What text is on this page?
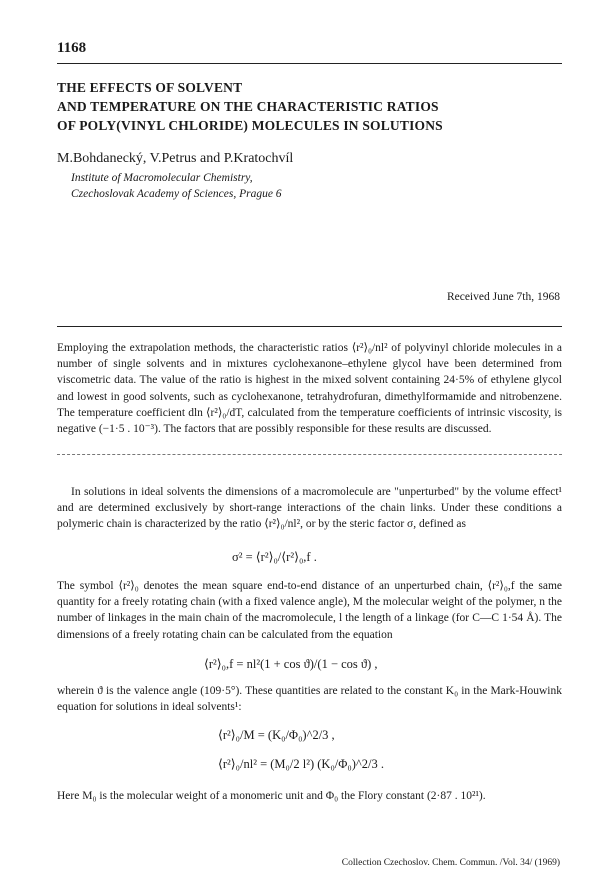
1168
THE EFFECTS OF SOLVENT
AND TEMPERATURE ON THE CHARACTERISTIC RATIOS
OF POLY(VINYL CHLORIDE) MOLECULES IN SOLUTIONS
M.Bohdanecký, V.Petrus and P.Kratochvíl
Institute of Macromolecular Chemistry,
Czechoslovak Academy of Sciences, Prague 6
Received June 7th, 1968
Employing the extrapolation methods, the characteristic ratios ⟨r²⟩₀/nl² of polyvinyl chloride molecules in a number of single solvents and in mixtures cyclohexanone–ethylene glycol have been determined from viscometric data. The value of the ratio is highest in the mixed solvent containing 24·5% of ethylene glycol and lowest in good solvents, such as cyclohexanone, tetrahydrofuran, dimethylformamide and nitrobenzene. The temperature coefficient dln ⟨r²⟩₀/dT, calculated from the temperature coefficients of intrinsic viscosity, is negative (−1·5 . 10⁻³). The factors that are possibly responsible for these results are discussed.
In solutions in ideal solvents the dimensions of a macromolecule are "unperturbed" by the volume effect¹ and are determined exclusively by short-range interactions of the chain links. Under these conditions a polymeric chain is characterized by the ratio ⟨r²⟩₀/nl², or by the steric factor σ, defined as
σ² = ⟨r²⟩₀/⟨r²⟩₀,f .
The symbol ⟨r²⟩₀ denotes the mean square end-to-end distance of an unperturbed chain, ⟨r²⟩₀,f the same quantity for a freely rotating chain (with a fixed valence angle), M the molecular weight of the polymer, n the number of linkages in the main chain of the macromolecule, l the length of a linkage (for C—C 1·54 Å). The dimensions of a freely rotating chain can be calculated from the equation
⟨r²⟩₀,f = nl²(1 + cos ϑ)/(1 − cos ϑ) ,
wherein ϑ is the valence angle (109·5°). These quantities are related to the constant K₀ in the Mark-Houwink equation for solutions in ideal solvents¹:
⟨r²⟩₀/M = (K₀/Φ₀)^2/3 ,
⟨r²⟩₀/nl² = (M₀/2 l²) (K₀/Φ₀)^2/3 .
Here M₀ is the molecular weight of a monomeric unit and Φ₀ the Flory constant (2·87 . 10²¹).
Collection Czechoslov. Chem. Commun. /Vol. 34/ (1969)
